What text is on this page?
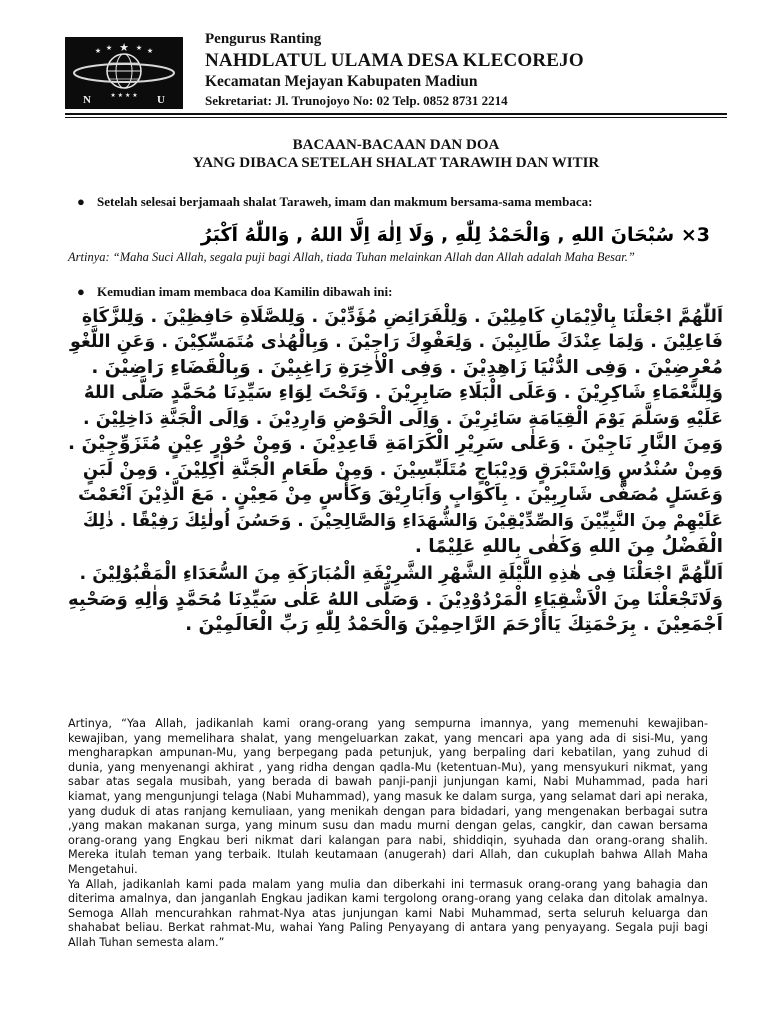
★
★	★
★	★
★ ★ ★ ★
N	U
Pengurus Ranting
NAHDLATUL ULAMA DESA KLECOREJO
Kecamatan Mejayan Kabupaten Madiun
Sekretariat: Jl. Trunojoyo No: 02 Telp. 0852 8731 2214
BACAAN-BACAAN DAN DOA
YANG DIBACA SETELAH SHALAT TARAWIH DAN WITIR
● Setelah selesai berjamaah shalat Taraweh, imam dan makmum bersama-sama membaca:
3× سُبْحَانَ اللهِ , وَالْحَمْدُ لِلّٰهِ , وَلَا اِلٰهَ اِلَّا اللهُ , وَاللّٰهُ اَكْبَرُ
Artinya: “Maha Suci Allah, segala puji bagi Allah, tiada Tuhan melainkan Allah dan Allah adalah Maha Besar.”
● Kemudian imam membaca doa Kamilin dibawah ini:
اَللّٰهُمَّ اجْعَلْنَا بِالْاِيْمَانِ كَامِلِيْنَ . وَلِلْفَرَائِضِ مُؤَدِّيْنَ . وَلِلصَّلَاةِ حَافِظِيْنَ . وَلِلزَّكَاةِ
فَاعِلِيْنَ . وَلِمَا عِنْدَكَ طَالِبِيْنَ . وَلِعَفْوِكَ رَاجِيْنَ . وَبِالْهُدٰى مُتَمَسِّكِيْنَ . وَعَنِ اللَّغْوِ
مُعْرِضِيْنَ . وَفِى الدُّنْيَا زَاهِدِيْنَ . وَفِى الْاٰخِرَةِ رَاغِبِيْنَ . وَبِالْقَضَاءِ رَاضِيْنَ .
وَلِلنَّعْمَاءِ شَاكِرِيْنَ . وَعَلَى الْبَلَاءِ صَابِرِيْنَ . وَتَحْتَ لِوَاءِ سَيِّدِنَا مُحَمَّدٍ صَلَّى اللهُ
عَلَيْهِ وَسَلَّمَ يَوْمَ الْقِيَامَةِ سَائِرِيْنَ . وَاِلَى الْحَوْضِ وَارِدِيْنَ . وَاِلَى الْجَنَّةِ دَاخِلِيْنَ .
وَمِنَ النَّارِ نَاجِيْنَ . وَعَلٰى سَرِيْرِ الْكَرَامَةِ قَاعِدِيْنَ . وَمِنْ حُوْرٍ عِيْنٍ مُتَزَوِّجِيْنَ .
وَمِنْ سُنْدُسٍ وَاِسْتَبْرَقٍ وَدِيْبَاجٍ مُتَلَبِّسِيْنَ . وَمِنْ طَعَامِ الْجَنَّةِ اٰكِلِيْنَ . وَمِنْ لَبَنٍ
وَعَسَلٍ مُصَفًّى شَارِبِيْنَ . بِاَكْوَابٍ وَاَبَارِيْقَ وَكَأْسٍ مِنْ مَعِيْنٍ . مَعَ الَّذِيْنَ اَنْعَمْتَ
عَلَيْهِمْ مِنَ النَّبِيِّيْنَ وَالصِّدِّيْقِيْنَ وَالشُّهَدَاءِ وَالصَّالِحِيْنَ . وَحَسُنَ اُولٰئِكَ رَفِيْقًا . ذٰلِكَ
الْفَضْلُ مِنَ اللهِ وَكَفٰى بِاللهِ عَلِيْمًا .
اَللّٰهُمَّ اجْعَلْنَا فِى هٰذِهِ اللَّيْلَةِ الشَّهْرِ الشَّرِيْفَةِ الْمُبَارَكَةِ مِنَ السُّعَدَاءِ الْمَقْبُوْلِيْنَ .
وَلَاتَجْعَلْنَا مِنَ الْاَشْقِيَاءِ الْمَرْدُوْدِيْنَ . وَصَلَّى اللهُ عَلٰى سَيِّدِنَا مُحَمَّدٍ وَاٰلِهِ وَصَحْبِهِ
اَجْمَعِيْنَ . بِرَحْمَتِكَ يَاأَرْحَمَ الرَّاحِمِيْنَ وَالْحَمْدُ لِلّٰهِ رَبِّ الْعَالَمِيْنَ .

Artinya, “Yaa Allah, jadikanlah kami orang-orang yang sempurna imannya, yang memenuhi kewajiban- kewajiban, yang memelihara shalat, yang mengeluarkan zakat, yang mencari apa yang ada di sisi-Mu, yang mengharapkan ampunan-Mu, yang berpegang pada petunjuk, yang berpaling dari kebatilan, yang zuhud di dunia, yang menyenangi akhirat , yang ridha dengan qadla-Mu (ketentuan-Mu), yang mensyukuri nikmat, yang sabar atas segala musibah, yang berada di bawah panji-panji junjungan kami, Nabi Muhammad, pada hari kiamat, yang mengunjungi telaga (Nabi Muhammad), yang masuk ke dalam surga, yang selamat dari api neraka, yang duduk di atas ranjang kemuliaan, yang menikah dengan para bidadari, yang mengenakan berbagai sutra ,yang makan makanan surga, yang minum susu dan madu murni dengan gelas, cangkir, dan cawan bersama orang-orang yang Engkau beri nikmat dari kalangan para nabi, shiddiqin, syuhada dan orang-orang shalih. Mereka itulah teman yang terbaik. Itulah keutamaan (anugerah) dari Allah, dan cukuplah bahwa Allah Maha Mengetahui.

Ya Allah, jadikanlah kami pada malam yang mulia dan diberkahi ini termasuk orang-orang yang bahagia dan diterima amalnya, dan janganlah Engkau jadikan kami tergolong orang-orang yang celaka dan ditolak amalnya. Semoga Allah mencurahkan rahmat-Nya atas junjungan kami Nabi Muhammad, serta seluruh keluarga dan shahabat beliau. Berkat rahmat-Mu, wahai Yang Paling Penyayang di antara yang penyayang. Segala puji bagi Allah Tuhan semesta alam.”
